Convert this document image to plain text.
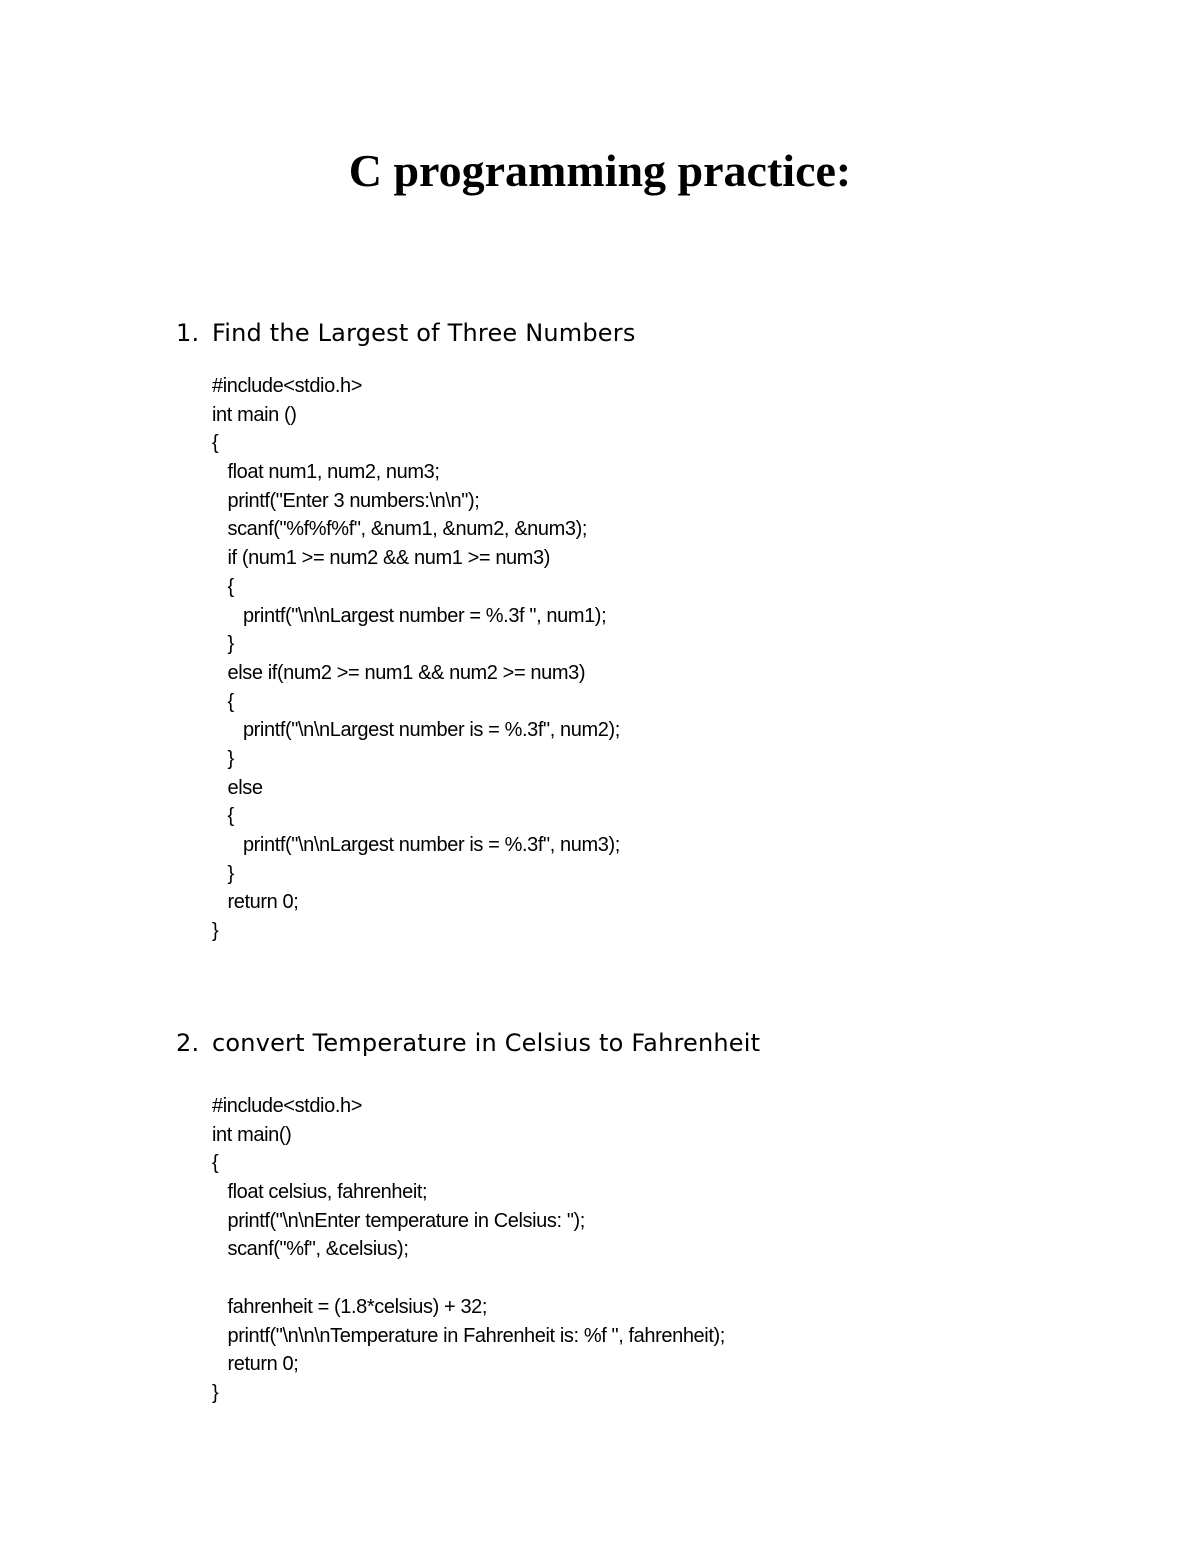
C programming practice:
1. Find the Largest of Three Numbers
#include<stdio.h>
int main ()
{
float num1, num2, num3;
printf("Enter 3 numbers:\n\n");
scanf("%f%f%f", &num1, &num2, &num3);
if (num1 >= num2 && num1 >= num3)
{
printf("\n\nLargest number = %.3f ", num1);
}
else if(num2 >= num1 && num2 >= num3)
{
printf("\n\nLargest number is = %.3f", num2);
}
else
{
printf("\n\nLargest number is = %.3f", num3);
}
return 0;
}
2. convert Temperature in Celsius to Fahrenheit
#include<stdio.h>
int main()
{
float celsius, fahrenheit;
printf("\n\nEnter temperature in Celsius: ");
scanf("%f", &celsius);
fahrenheit = (1.8*celsius) + 32;
printf("\n\n\nTemperature in Fahrenheit is: %f ", fahrenheit);
return 0;
}
